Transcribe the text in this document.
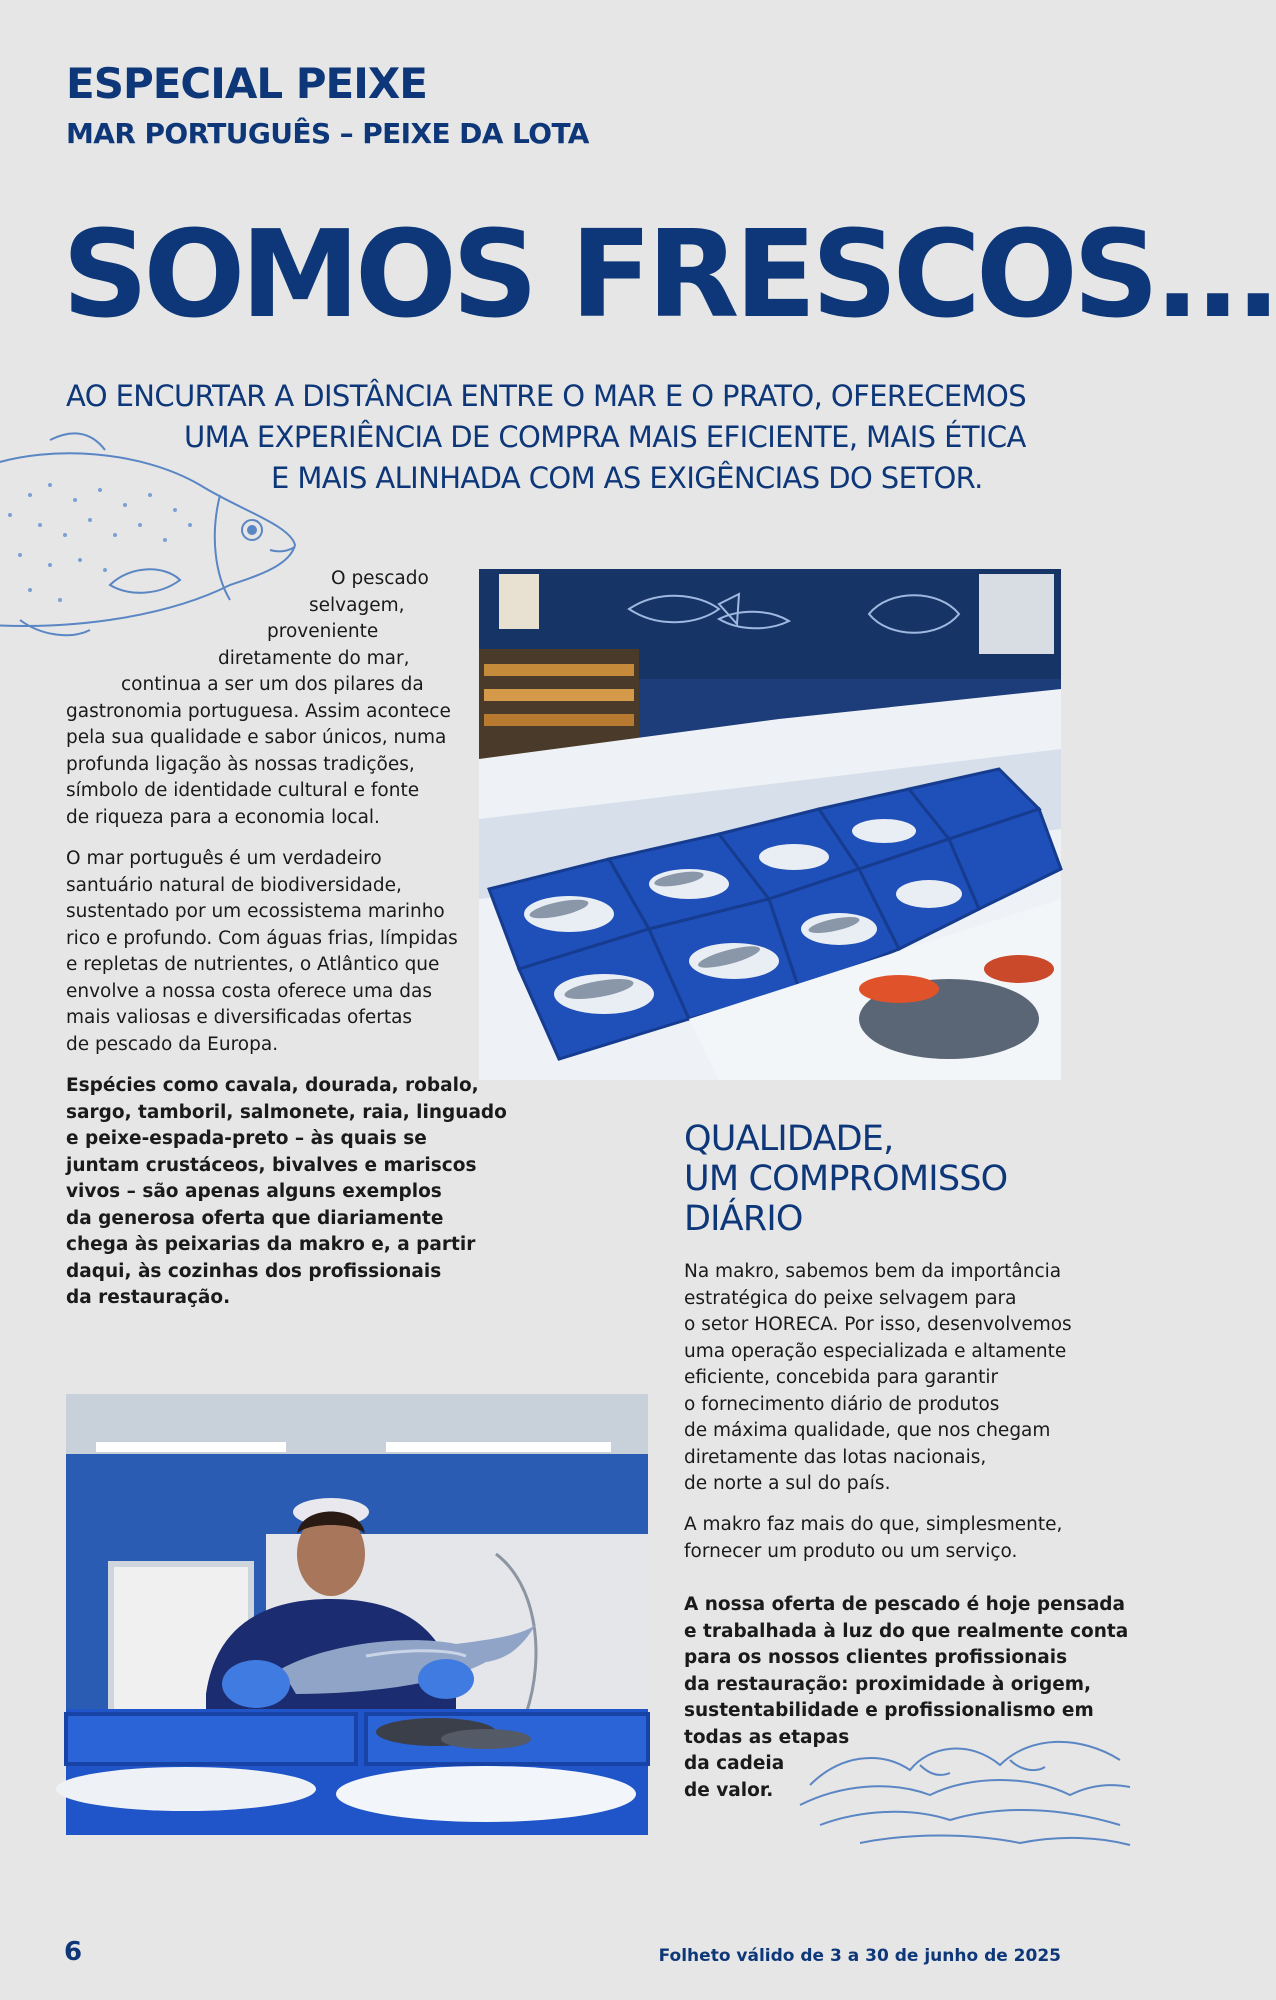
ESPECIAL PEIXE
MAR PORTUGUÊS – PEIXE DA LOTA
SOMOS FRESCOS...
AO ENCURTAR A DISTÂNCIA ENTRE O MAR E O PRATO, OFERECEMOS
UMA EXPERIÊNCIA DE COMPRA MAIS EFICIENTE, MAIS ÉTICA
E MAIS ALINHADA COM AS EXIGÊNCIAS DO SETOR.
O pescado
selvagem,
proveniente
diretamente do mar,
continua a ser um dos pilares da
gastronomia portuguesa. Assim acontece
pela sua qualidade e sabor únicos, numa
profunda ligação às nossas tradições,
símbolo de identidade cultural e fonte
de riqueza para a economia local.
O mar português é um verdadeiro
santuário natural de biodiversidade,
sustentado por um ecossistema marinho
rico e profundo. Com águas frias, límpidas
e repletas de nutrientes, o Atlântico que
envolve a nossa costa oferece uma das
mais valiosas e diversificadas ofertas
de pescado da Europa.
Espécies como cavala, dourada, robalo,
sargo, tamboril, salmonete, raia, linguado
e peixe-espada-preto – às quais se
juntam crustáceos, bivalves e mariscos
vivos – são apenas alguns exemplos
da generosa oferta que diariamente
chega às peixarias da makro e, a partir
daqui, às cozinhas dos profissionais
da restauração.
QUALIDADE,
UM COMPROMISSO
DIÁRIO
Na makro, sabemos bem da importância
estratégica do peixe selvagem para
o setor HORECA. Por isso, desenvolvemos
uma operação especializada e altamente
eficiente, concebida para garantir
o fornecimento diário de produtos
de máxima qualidade, que nos chegam
diretamente das lotas nacionais,
de norte a sul do país.
A makro faz mais do que, simplesmente,
fornecer um produto ou um serviço.
A nossa oferta de pescado é hoje pensada
e trabalhada à luz do que realmente conta
para os nossos clientes profissionais
da restauração: proximidade à origem,
sustentabilidade e profissionalismo em
todas as etapas
da cadeia
de valor.
6	Folheto válido de 3 a 30 de junho de 2025
